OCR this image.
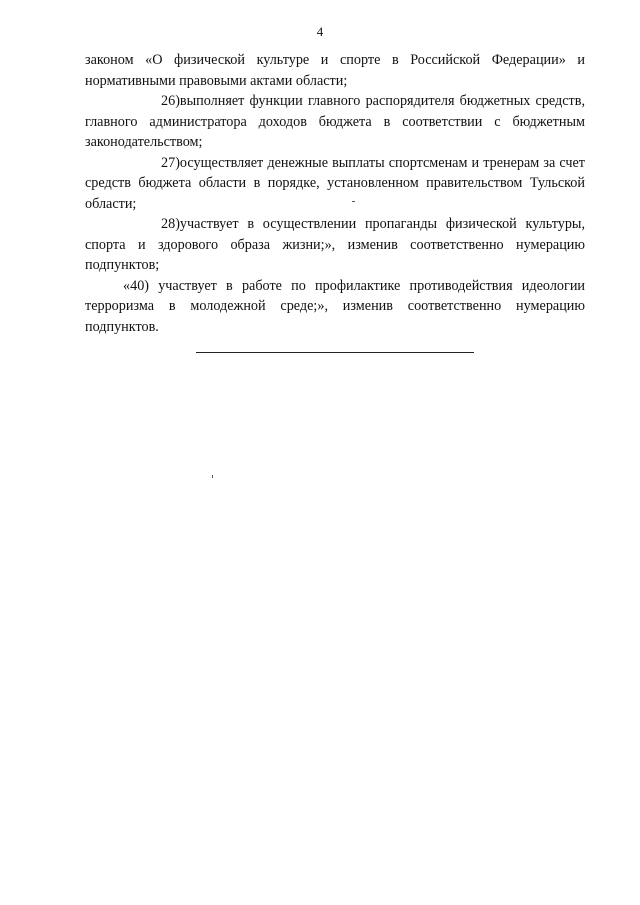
4

законом «О физической культуре и спорте в Российской Федерации» и нормативными правовыми актами области;

26)выполняет функции главного распорядителя бюджетных средств, главного администратора доходов бюджета в соответствии с бюджетным законодательством;

27)осуществляет денежные выплаты спортсменам и тренерам за счет средств бюджета области в порядке, установленном правительством Тульской области;

28)участвует в осуществлении пропаганды физической культуры, спорта и здорового образа жизни;», изменив соответственно нумерацию подпунктов;

«40) участвует в работе по профилактике противодействия идеологии терроризма в молодежной среде;», изменив соответственно нумерацию подпунктов.
